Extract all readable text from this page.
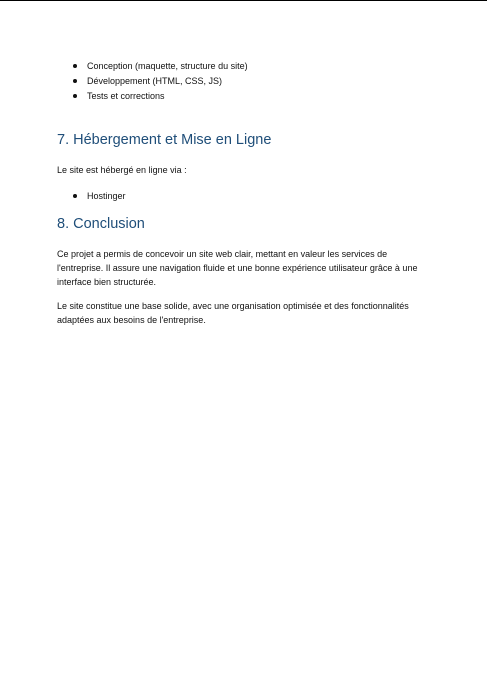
Conception (maquette, structure du site)
Développement (HTML, CSS, JS)
Tests et corrections
7. Hébergement et Mise en Ligne

Le site est hébergé en ligne via :

Hostinger
8. Conclusion

Ce projet a permis de concevoir un site web clair, mettant en valeur les services de l'entreprise. Il assure une navigation fluide et une bonne expérience utilisateur grâce à une interface bien structurée.

Le site constitue une base solide, avec une organisation optimisée et des fonctionnalités adaptées aux besoins de l'entreprise.
